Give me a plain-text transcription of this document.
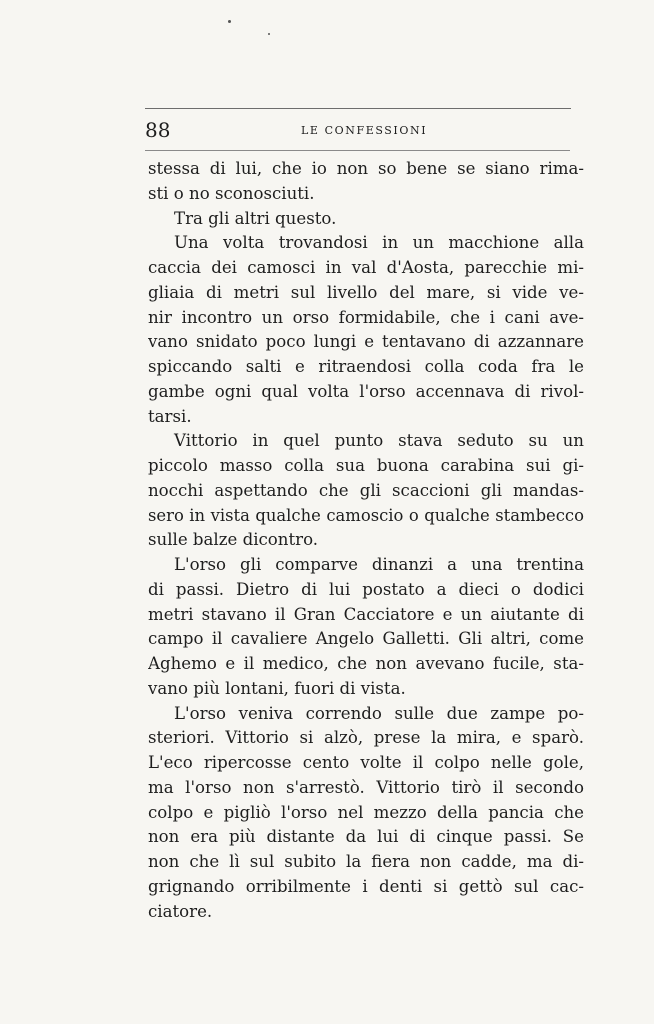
88	LE CONFESSIONI
stessa di lui, che io non so bene se siano rima-
sti o no sconosciuti.
Tra gli altri questo.
Una volta trovandosi in un macchione alla
caccia dei camosci in val d'Aosta, parecchie mi-
gliaia di metri sul livello del mare, si vide ve-
nir incontro un orso formidabile, che i cani ave-
vano snidato poco lungi e tentavano di azzannare
spiccando salti e ritraendosi colla coda fra le
gambe ogni qual volta l'orso accennava di rivol-
tarsi.
Vittorio in quel punto stava seduto su un
piccolo masso colla sua buona carabina sui gi-
nocchi aspettando che gli scaccioni gli mandas-
sero in vista qualche camoscio o qualche stambecco
sulle balze dicontro.
L'orso gli comparve dinanzi a una trentina
di passi. Dietro di lui postato a dieci o dodici
metri stavano il Gran Cacciatore e un aiutante di
campo il cavaliere Angelo Galletti. Gli altri, come
Aghemo e il medico, che non avevano fucile, sta-
vano più lontani, fuori di vista.
L'orso veniva correndo sulle due zampe po-
steriori. Vittorio si alzò, prese la mira, e sparò.
L'eco ripercosse cento volte il colpo nelle gole,
ma l'orso non s'arrestò. Vittorio tirò il secondo
colpo e pigliò l'orso nel mezzo della pancia che
non era più distante da lui di cinque passi. Se
non che lì sul subito la fiera non cadde, ma di-
grignando orribilmente i denti si gettò sul cac-
ciatore.
